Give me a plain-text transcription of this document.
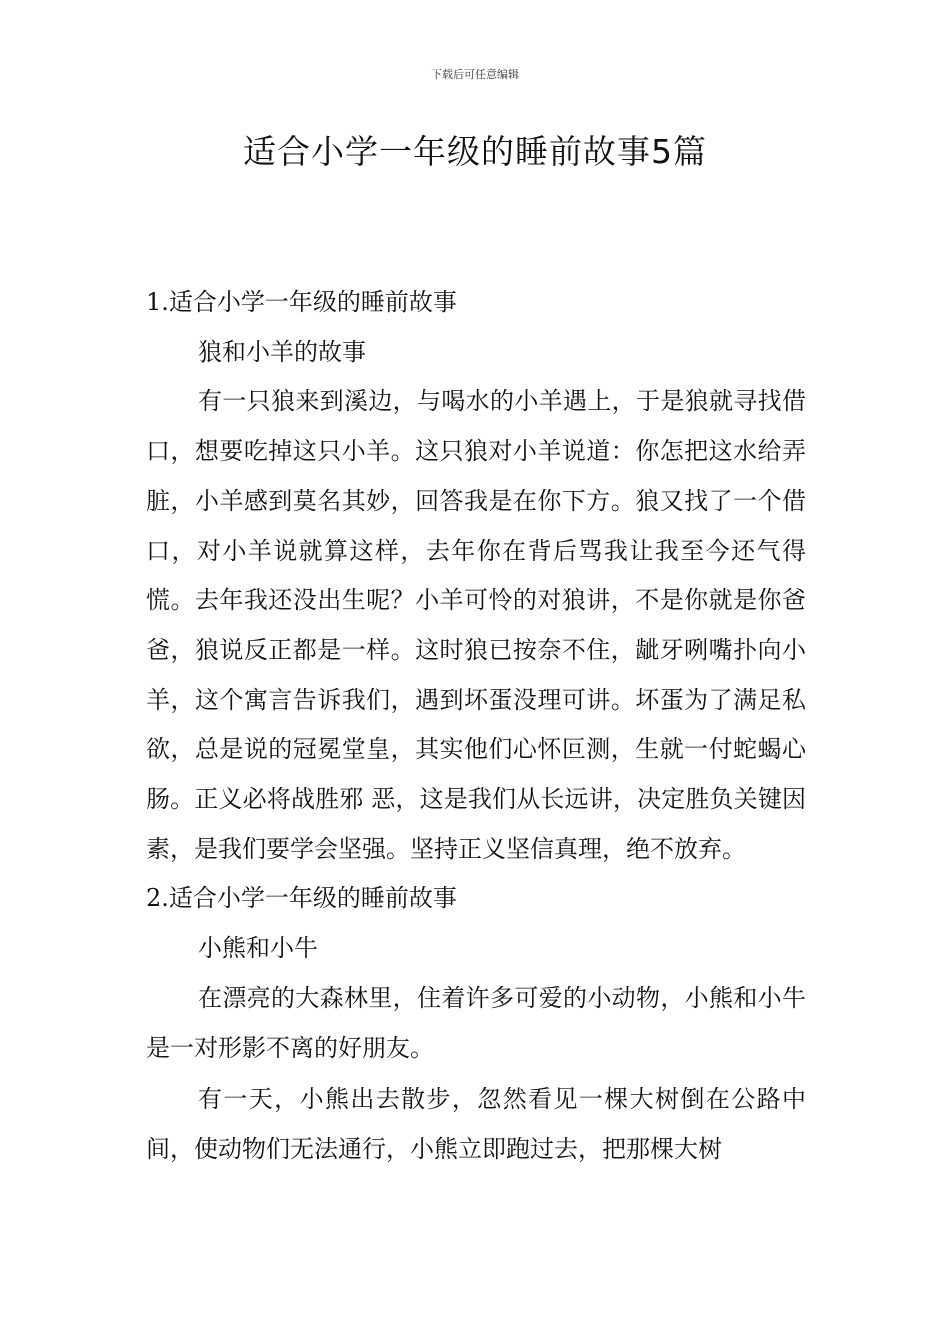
下载后可任意编辑
适合小学一年级的睡前故事5篇

1.适合小学一年级的睡前故事

狼和小羊的故事

有一只狼来到溪边，与喝水的小羊遇上，于是狼就寻找借口，想要吃掉这只小羊。这只狼对小羊说道：你怎把这水给弄脏，小羊感到莫名其妙，回答我是在你下方。狼又找了一个借口，对小羊说就算这样，去年你在背后骂我让我至今还气得慌。去年我还没出生呢？小羊可怜的对狼讲，不是你就是你爸爸，狼说反正都是一样。这时狼已按奈不住，龇牙咧嘴扑向小羊，这个寓言告诉我们，遇到坏蛋没理可讲。坏蛋为了满足私欲，总是说的冠冕堂皇，其实他们心怀叵测，生就一付蛇蝎心肠。正义必将战胜邪 恶，这是我们从长远讲，决定胜负关键因素，是我们要学会坚强。坚持正义坚信真理，绝不放弃。

2.适合小学一年级的睡前故事

小熊和小牛

在漂亮的大森林里，住着许多可爱的小动物，小熊和小牛是一对形影不离的好朋友。

有一天，小熊出去散步，忽然看见一棵大树倒在公路中间，使动物们无法通行，小熊立即跑过去，把那棵大树
